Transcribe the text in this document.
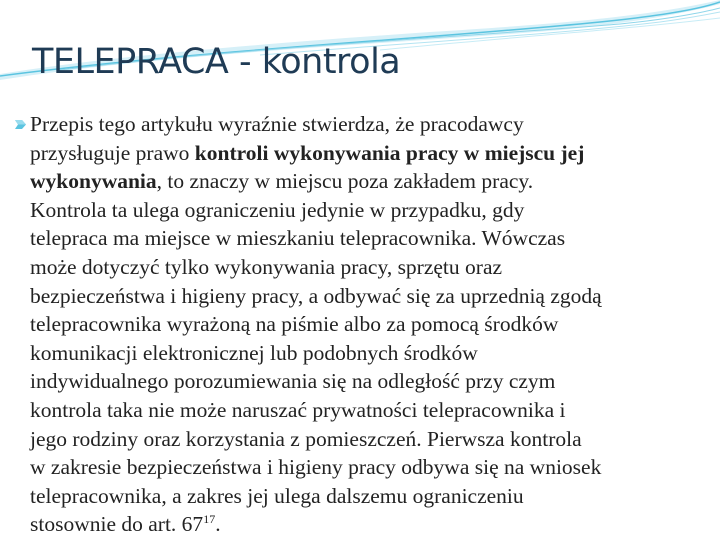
TELEPRACA - kontrola
Przepis tego artykułu wyraźnie stwierdza, że pracodawcy
przysługuje prawo kontroli wykonywania pracy w miejscu jej
wykonywania, to znaczy w miejscu poza zakładem pracy.
Kontrola ta ulega ograniczeniu jedynie w przypadku, gdy
telepraca ma miejsce w mieszkaniu telepracownika. Wówczas
może dotyczyć tylko wykonywania pracy, sprzętu oraz
bezpieczeństwa i higieny pracy, a odbywać się za uprzednią zgodą
telepracownika wyrażoną na piśmie albo za pomocą środków
komunikacji elektronicznej lub podobnych środków
indywidualnego porozumiewania się na odległość przy czym
kontrola taka nie może naruszać prywatności telepracownika i
jego rodziny oraz korzystania z pomieszczeń. Pierwsza kontrola
w zakresie bezpieczeństwa i higieny pracy odbywa się na wniosek
telepracownika, a zakres jej ulega dalszemu ograniczeniu
stosownie do art. $67^{17}$.
